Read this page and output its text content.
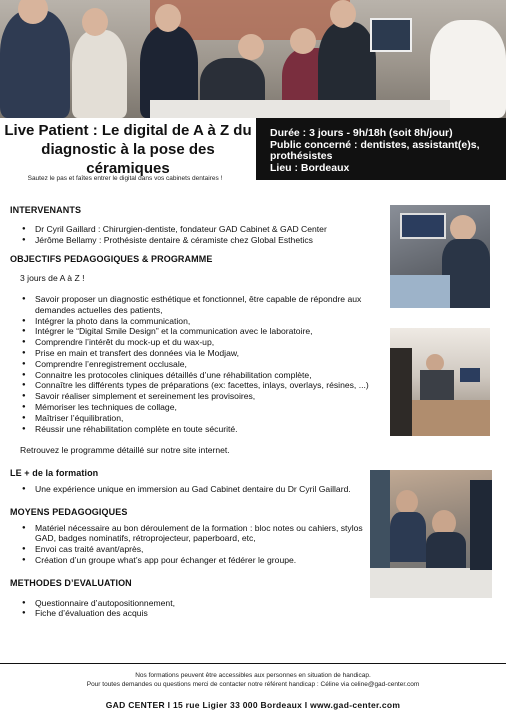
Live Patient : Le digital de A à Z du diagnostic à la pose des céramiques
Durée : 3 jours - 9h/18h (soit 8h/jour)
Public concerné : dentistes, assistant(e)s, prothésistes
Lieu : Bordeaux
Sautez le pas et faîtes entrer le digital dans vos cabinets dentaires !
INTERVENANTS
● Dr Cyril Gaillard : Chirurgien-dentiste, fondateur GAD Cabinet & GAD Center
● Jérôme Bellamy : Prothésiste dentaire & céramiste chez Global Esthetics
OBJECTIFS PEDAGOGIQUES & PROGRAMME
3 jours de A à Z !
● Savoir proposer un diagnostic esthétique et fonctionnel, être capable de répondre aux demandes actuelles des patients,
● Intégrer la photo dans la communication,
● Intégrer le “Digital Smile Design” et la communication avec le laboratoire,
● Comprendre l’intérêt du mock-up et du wax-up,
● Prise en main et transfert des données via le Modjaw,
● Comprendre l’enregistrement occlusale,
● Connaitre les protocoles cliniques détaillés d’une réhabilitation complète,
● Connaître les différents types de préparations (ex: facettes, inlays, overlays, résines, ...)
● Savoir réaliser simplement et sereinement les provisoires,
● Mémoriser les techniques de collage,
● Maîtriser l’équilibration,
● Réussir une réhabilitation complète en toute sécurité.
Retrouvez le programme détaillé sur notre site internet.
LE + de la formation
● Une expérience unique en immersion au Gad Cabinet dentaire du Dr Cyril Gaillard.
MOYENS PEDAGOGIQUES
● Matériel nécessaire au bon déroulement de la formation : bloc notes ou cahiers, stylos GAD, badges nominatifs, rétroprojecteur, paperboard, etc,
● Envoi cas traité avant/après,
● Création d’un groupe what’s app pour échanger et fédérer le groupe.
METHODES D’EVALUATION
● Questionnaire d’autopositionnement,
● Fiche d’évaluation des acquis
Nos formations peuvent être accessibles aux personnes en situation de handicap.
Pour toutes demandes ou questions merci de contacter notre référent handicap : Céline via celine@gad-center.com
GAD CENTER I 15 rue Ligier 33 000 Bordeaux I www.gad-center.com
